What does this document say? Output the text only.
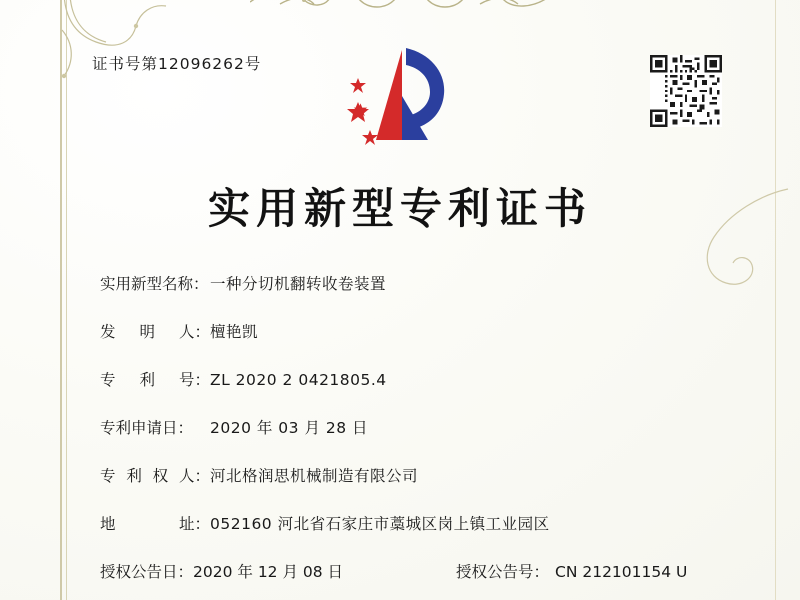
证书号第12096262号
实用新型专利证书
实用新型名称： 一种分切机翻转收卷装置
发 明 人： 檀艳凯
专 利 号： ZL 2020 2 0421805.4
专利申请日：	2020 年 03 月 28 日
专 利 权 人： 河北格润思机械制造有限公司
地	址： 052160 河北省石家庄市藁城区岗上镇工业园区
授权公告日：2020 年 12 月 08 日	授权公告号： CN 212101154 U
